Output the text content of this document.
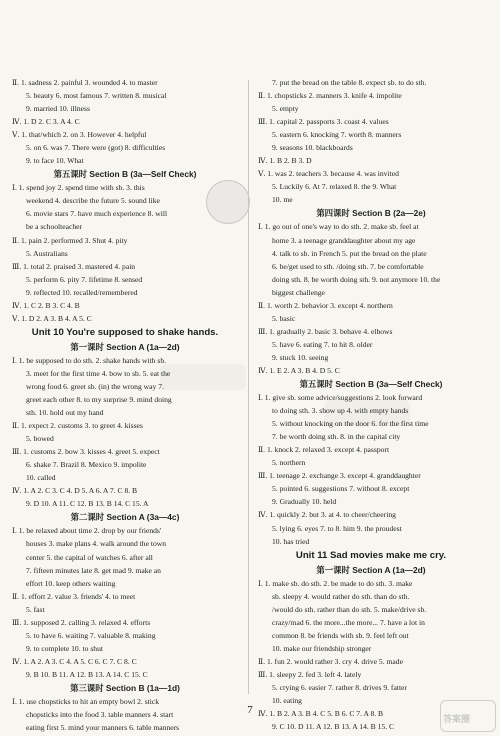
Ⅱ. 1. sadness 2. painful 3. wounded 4. to master
5. beauty 6. most famous 7. written 8. musical
9. married 10. illness
Ⅳ. 1. D 2. C 3. A 4. C
Ⅴ. 1. that/which 2. on 3. However 4. helpful
5. on 6. was 7. There were (got) 8. difficulties
9. to face 10. What
第五课时 Section B (3a—Self Check)
Ⅰ. 1. spend joy 2. spend time with sb. 3. this
weekend 4. describe the future 5. sound like
6. movie stars 7. have much experience 8. will
be a schoolteacher
Ⅱ. 1. pain 2. performed 3. Shut 4. pity
5. Australians
Ⅲ. 1. total 2. praised 3. mastered 4. pain
5. perform 6. pity 7. lifetime 8. sensed
9. reflected 10. recalled/remembered
Ⅳ. 1. C 2. B 3. C 4. B
Ⅴ. 1. D 2. A 3. B 4. A 5. C
Unit 10 You're supposed to shake hands.
第一课时 Section A (1a—2d)
Ⅰ. 1. be supposed to do sth. 2. shake hands with sb.
3. meet for the first time 4. bow to sb. 5. eat the
wrong food 6. greet sb. (in) the wrong way 7.
greet each other 8. to my surprise 9. mind doing
sth. 10. hold out my hand
Ⅱ. 1. expect 2. customs 3. to greet 4. kisses
5. bowed
Ⅲ. 1. customs 2. bow 3. kisses 4. greet 5. expect
6. shake 7. Brazil 8. Mexico 9. impolite
10. called
Ⅳ. 1. A 2. C 3. C 4. D 5. A 6. A 7. C 8. B
9. D 10. A 11. C 12. B 13. B 14. C 15. A
第二课时 Section A (3a—4c)
Ⅰ. 1. be relaxed about time 2. drop by our friends'
houses 3. make plans 4. walk around the town
center 5. the capital of watches 6. after all
7. fifteen minutes late 8. get mad 9. make an
effort 10. keep others waiting
Ⅱ. 1. effort 2. value 3. friends' 4. to meet
5. fast
Ⅲ. 1. supposed 2. calling 3. relaxed 4. efforts
5. to have 6. waiting 7. valuable 8. making
9. to complete 10. to shut
Ⅳ. 1. A 2. A 3. C 4. A 5. C 6. C 7. C 8. C
9. B 10. B 11. A 12. B 13. A 14. C 15. C
第三课时 Section B (1a—1d)
Ⅰ. 1. use chopsticks to hit an empty bowl 2. stick
chopsticks into the food 3. table manners 4. start
eating first 5. mind your manners 6. table manners
7. put the bread on the table 8. expect sb. to do sth.
Ⅱ. 1. chopsticks 2. manners 3. knife 4. impolite
5. empty
Ⅲ. 1. capital 2. passports 3. coast 4. values
5. eastern 6. knocking 7. worth 8. manners
9. seasons 10. blackboards
Ⅳ. 1. B 2. B 3. D
Ⅴ. 1. was 2. teachers 3. because 4. was invited
5. Luckily 6. At 7. relaxed 8. the 9. What
10. me
第四课时 Section B (2a—2e)
Ⅰ. 1. go out of one's way to do sth. 2. make sb. feel at
home 3. a teenage granddaughter about my age
4. talk to sb. in French 5. put the bread on the plate
6. be/get used to sth. /doing sth. 7. be comfortable
doing sth. 8. be worth doing sth. 9. not anymore 10. the
biggest challenge
Ⅱ. 1. worth 2. behavior 3. except 4. northern
5. basic
Ⅲ. 1. gradually 2. basic 3. behave 4. elbows
5. have 6. eating 7. to hit 8. older
9. stuck 10. seeing
Ⅳ. 1. E 2. A 3. B 4. D 5. C
第五课时 Section B (3a—Self Check)
Ⅰ. 1. give sb. some advice/suggestions 2. look forward
to doing sth. 3. show up 4. with empty hands
5. without knocking on the door 6. for the first time
7. be worth doing sth. 8. in the capital city
Ⅱ. 1. knock 2. relaxed 3. except 4. passport
5. northern
Ⅲ. 1. teenage 2. exchange 3. except 4. granddaughter
5. pointed 6. suggestions 7. without 8. except
9. Gradually 10. held
Ⅳ. 1. quickly 2. but 3. at 4. to cheer/cheering
5. lying 6. eyes 7. to 8. him 9. the proudest
10. has tried
Unit 11 Sad movies make me cry.
第一课时 Section A (1a—2d)
Ⅰ. 1. make sb. do sth. 2. be made to do sth. 3. make
sb. sleepy 4. would rather do sth. than do sth.
/would do sth. rather than do sth. 5. make/drive sb.
crazy/mad 6. the more...the more... 7. have a lot in
common 8. be friends with sb. 9. feel left out
10. make our friendship stronger
Ⅱ. 1. fun 2. would rather 3. cry 4. drive 5. made
Ⅲ. 1. sleepy 2. fed 3. left 4. lately
5. crying 6. easier 7. rather 8. drives 9. fatter
10. eating
Ⅳ. 1. B 2. A 3. B 4. C 5. B 6. C 7. A 8. B
9. C 10. D 11. A 12. B 13. A 14. B 15. C
7
答案圈
